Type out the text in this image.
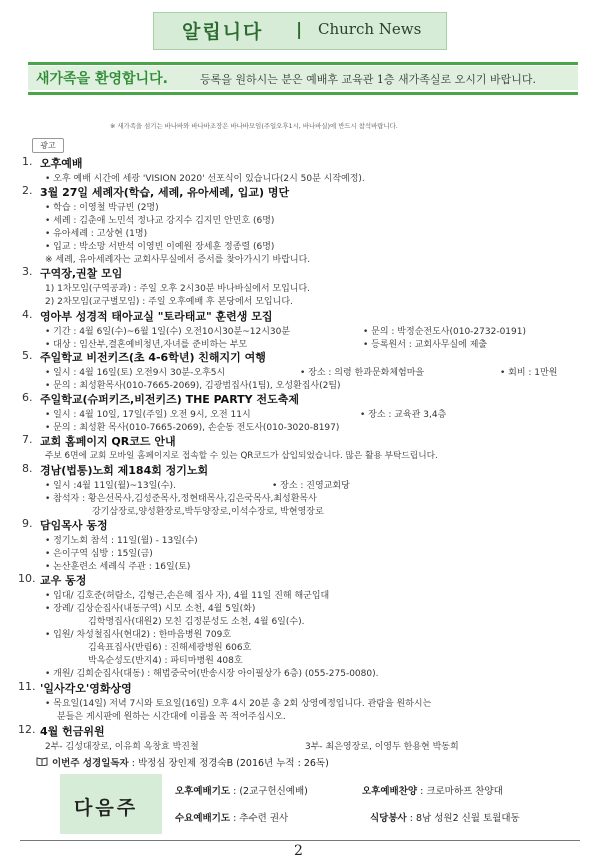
알립니다 | Church News
새가족을 환영합니다.	등록을 원하시는 분은 예배후 교육관 1층 새가족실로 오시기 바랍니다.
※ 새가족을 섬기는 바나바와 바나바조장은 바나바모임(주일오후1시, 바나바실)에 반드시 참석바랍니다.
광고
1. 오후예배
• 오후 예배 시간에 세광 'VISION 2020' 선포식이 있습니다(2시 50분 시작예정).
2. 3월 27일 세례자(학습, 세례, 유아세례, 입교) 명단
• 학습 : 이영철 박규빈 (2명)
• 세례 : 김춘애 노민석 정나교 강지수 김지민 안민호 (6명)
• 유아세례 : 고상현 (1명)
• 입교 : 박소망 서반석 이영빈 이예원 장세훈 정종렬 (6명)
※ 세례, 유아세례자는 교회사무실에서 증서를 찾아가시기 바랍니다.
3. 구역장,권찰 모임
1) 1차모임(구역공과) : 주일 오후 2시30분 바나바실에서 모입니다.
2) 2차모임(교구별모임) : 주일 오후예배 후 본당에서 모입니다.
4. 영아부 성경적 태아교실 "토라태교" 훈련생 모집
• 기간 : 4월 6일(수)~6월 1일(수) 오전10시30분~12시30분	• 문의 : 박정순전도사(010-2732-0191)
• 대상 : 임산부,결혼예비청년,자녀를 준비하는 부모	• 등록원서 : 교회사무실에 제출
5. 주일학교 비전키즈(초 4-6학년) 친해지기 여행
• 일시 : 4월 16일(토) 오전9시 30분-오후5시	• 장소 : 의령 한과문화체험마을	• 회비 : 1만원
• 문의 : 최성환목사(010-7665-2069), 김광범집사(1팀), 오성환집사(2팀)
6. 주일학교(슈퍼키즈,비전키즈) THE PARTY 전도축제
• 일시 : 4월 10일, 17일(주일) 오전 9시, 오전 11시	• 장소 : 교육관 3,4층
• 문의 : 최성환 목사(010-7665-2069), 손순동 전도사(010-3020-8197)
7. 교회 홈페이지 QR코드 안내
주보 6면에 교회 모바일 홈페이지로 접속할 수 있는 QR코드가 삽입되었습니다. 많은 활용 부탁드립니다.
8. 경남(법통)노회 제184회 정기노회
• 일시 :4월 11일(월)~13일(수).	• 장소 : 진영교회당
• 참석자 : 황은선목사,김성준목사,정현태목사,김은국목사,최성환목사
강기삼장로,양성환장로,박두양장로,이석수장로, 박현영장로
9. 담임목사 동정
• 정기노회 참석 : 11일(월) - 13일(수)
• 은이구역 심방 : 15일(금)
• 논산훈련소 세례식 주관 : 16일(토)
10. 교우 동정
• 입대/ 김호준(허람소, 김형근,손은혜 집사 자), 4월 11일 진해 해군입대
• 장례/ 김상순집사(내동구역) 시모 소천, 4월 5일(화)
김학명집사(대원2) 모친 김정분성도 소천, 4월 6일(수).
• 입원/ 차성철집사(현대2) : 한마음병원 709호
김육표집사(반림6) : 진해세광병원 606호
박옥순성도(반지4) : 파티마병원 408호
• 개원/ 김희순집사(대동) : 해법중국어(반송시장 아이필상가 6층) (055-275-0080).
11. '일사각오'영화상영
• 목요일(14일) 저녁 7시와 토요일(16일) 오후 4시 20분 총 2회 상영예정입니다. 관람을 원하시는
분들은 게시판에 원하는 시간대에 이름을 꼭 적어주십시오.
12. 4월 헌금위원
2부- 김성대장로, 이유희 옥창효 박진철	3부- 최은영장로, 이영두 한용현 박동희
이번주 성경일독자 : 박정심 장인제 정경숙B (2016년 누적 : 26독)
다음주
오후예배기도 : (2교구헌신예배)	오후예배찬양 : 크로마하프 찬양대
수요예배기도 : 추수련 권사	식당봉사 : 8남 성원2 신월 토월대동
2
